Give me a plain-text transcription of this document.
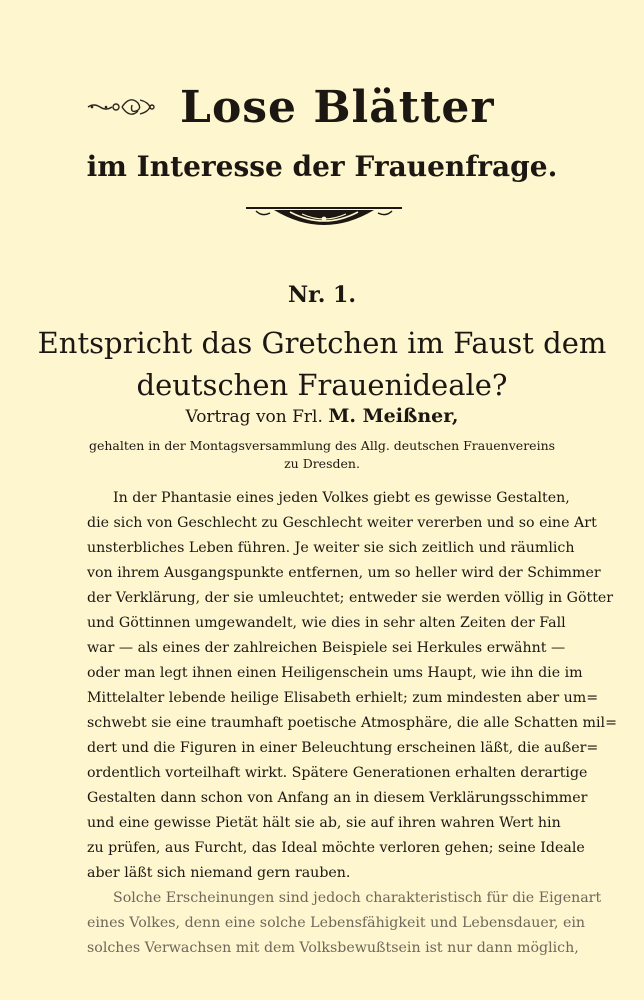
Lose Blätter
im Interesse der Frauenfrage.
Nr. 1.
Entspricht das Gretchen im Faust dem
deutschen Frauenideale?
Vortrag von Frl. M. Meißner,
gehalten in der Montagsversammlung des Allg. deutschen Frauenvereins
zu Dresden.
In der Phantasie eines jeden Volkes giebt es gewisse Gestalten,
die sich von Geschlecht zu Geschlecht weiter vererben und so eine Art
unsterbliches Leben führen. Je weiter sie sich zeitlich und räumlich
von ihrem Ausgangspunkte entfernen, um so heller wird der Schimmer
der Verklärung, der sie umleuchtet; entweder sie werden völlig in Götter
und Göttinnen umgewandelt, wie dies in sehr alten Zeiten der Fall
war — als eines der zahlreichen Beispiele sei Herkules erwähnt —
oder man legt ihnen einen Heiligenschein ums Haupt, wie ihn die im
Mittelalter lebende heilige Elisabeth erhielt; zum mindesten aber um=
schwebt sie eine traumhaft poetische Atmosphäre, die alle Schatten mil=
dert und die Figuren in einer Beleuchtung erscheinen läßt, die außer=
ordentlich vorteilhaft wirkt. Spätere Generationen erhalten derartige
Gestalten dann schon von Anfang an in diesem Verklärungsschimmer
und eine gewisse Pietät hält sie ab, sie auf ihren wahren Wert hin
zu prüfen, aus Furcht, das Ideal möchte verloren gehen; seine Ideale
aber läßt sich niemand gern rauben.
Solche Erscheinungen sind jedoch charakteristisch für die Eigenart
eines Volkes, denn eine solche Lebensfähigkeit und Lebensdauer, ein
solches Verwachsen mit dem Volksbewußtsein ist nur dann möglich,
